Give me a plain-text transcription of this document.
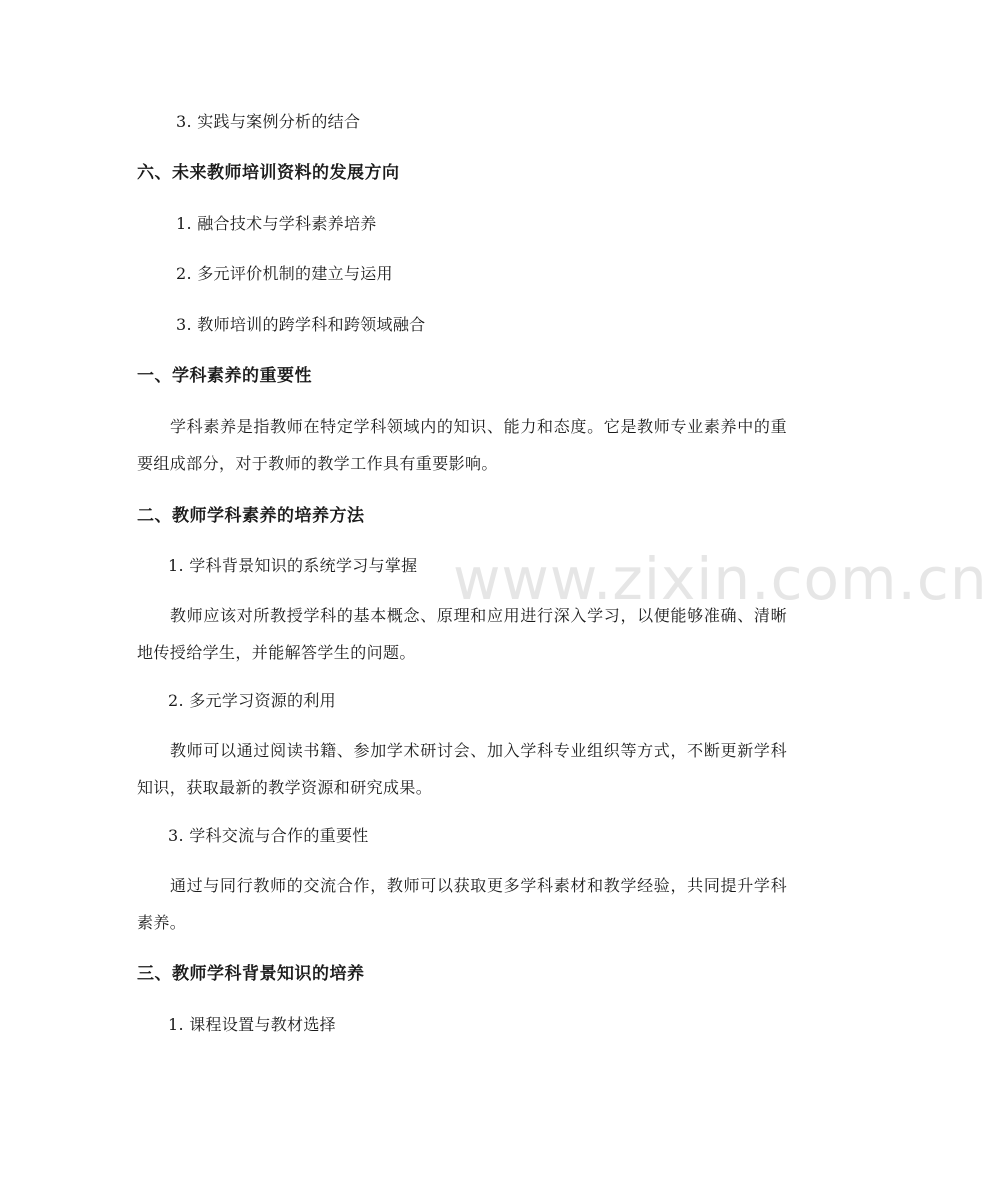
www.zixin.com.cn
3. 实践与案例分析的结合
六、未来教师培训资料的发展方向
1. 融合技术与学科素养培养
2. 多元评价机制的建立与运用
3. 教师培训的跨学科和跨领域融合
一、学科素养的重要性
学科素养是指教师在特定学科领域内的知识、能力和态度。它是教师专业素养中的重要组成部分，对于教师的教学工作具有重要影响。
二、教师学科素养的培养方法
1. 学科背景知识的系统学习与掌握
教师应该对所教授学科的基本概念、原理和应用进行深入学习，以便能够准确、清晰地传授给学生，并能解答学生的问题。
2. 多元学习资源的利用
教师可以通过阅读书籍、参加学术研讨会、加入学科专业组织等方式，不断更新学科知识，获取最新的教学资源和研究成果。
3. 学科交流与合作的重要性
通过与同行教师的交流合作，教师可以获取更多学科素材和教学经验，共同提升学科素养。
三、教师学科背景知识的培养
1. 课程设置与教材选择
